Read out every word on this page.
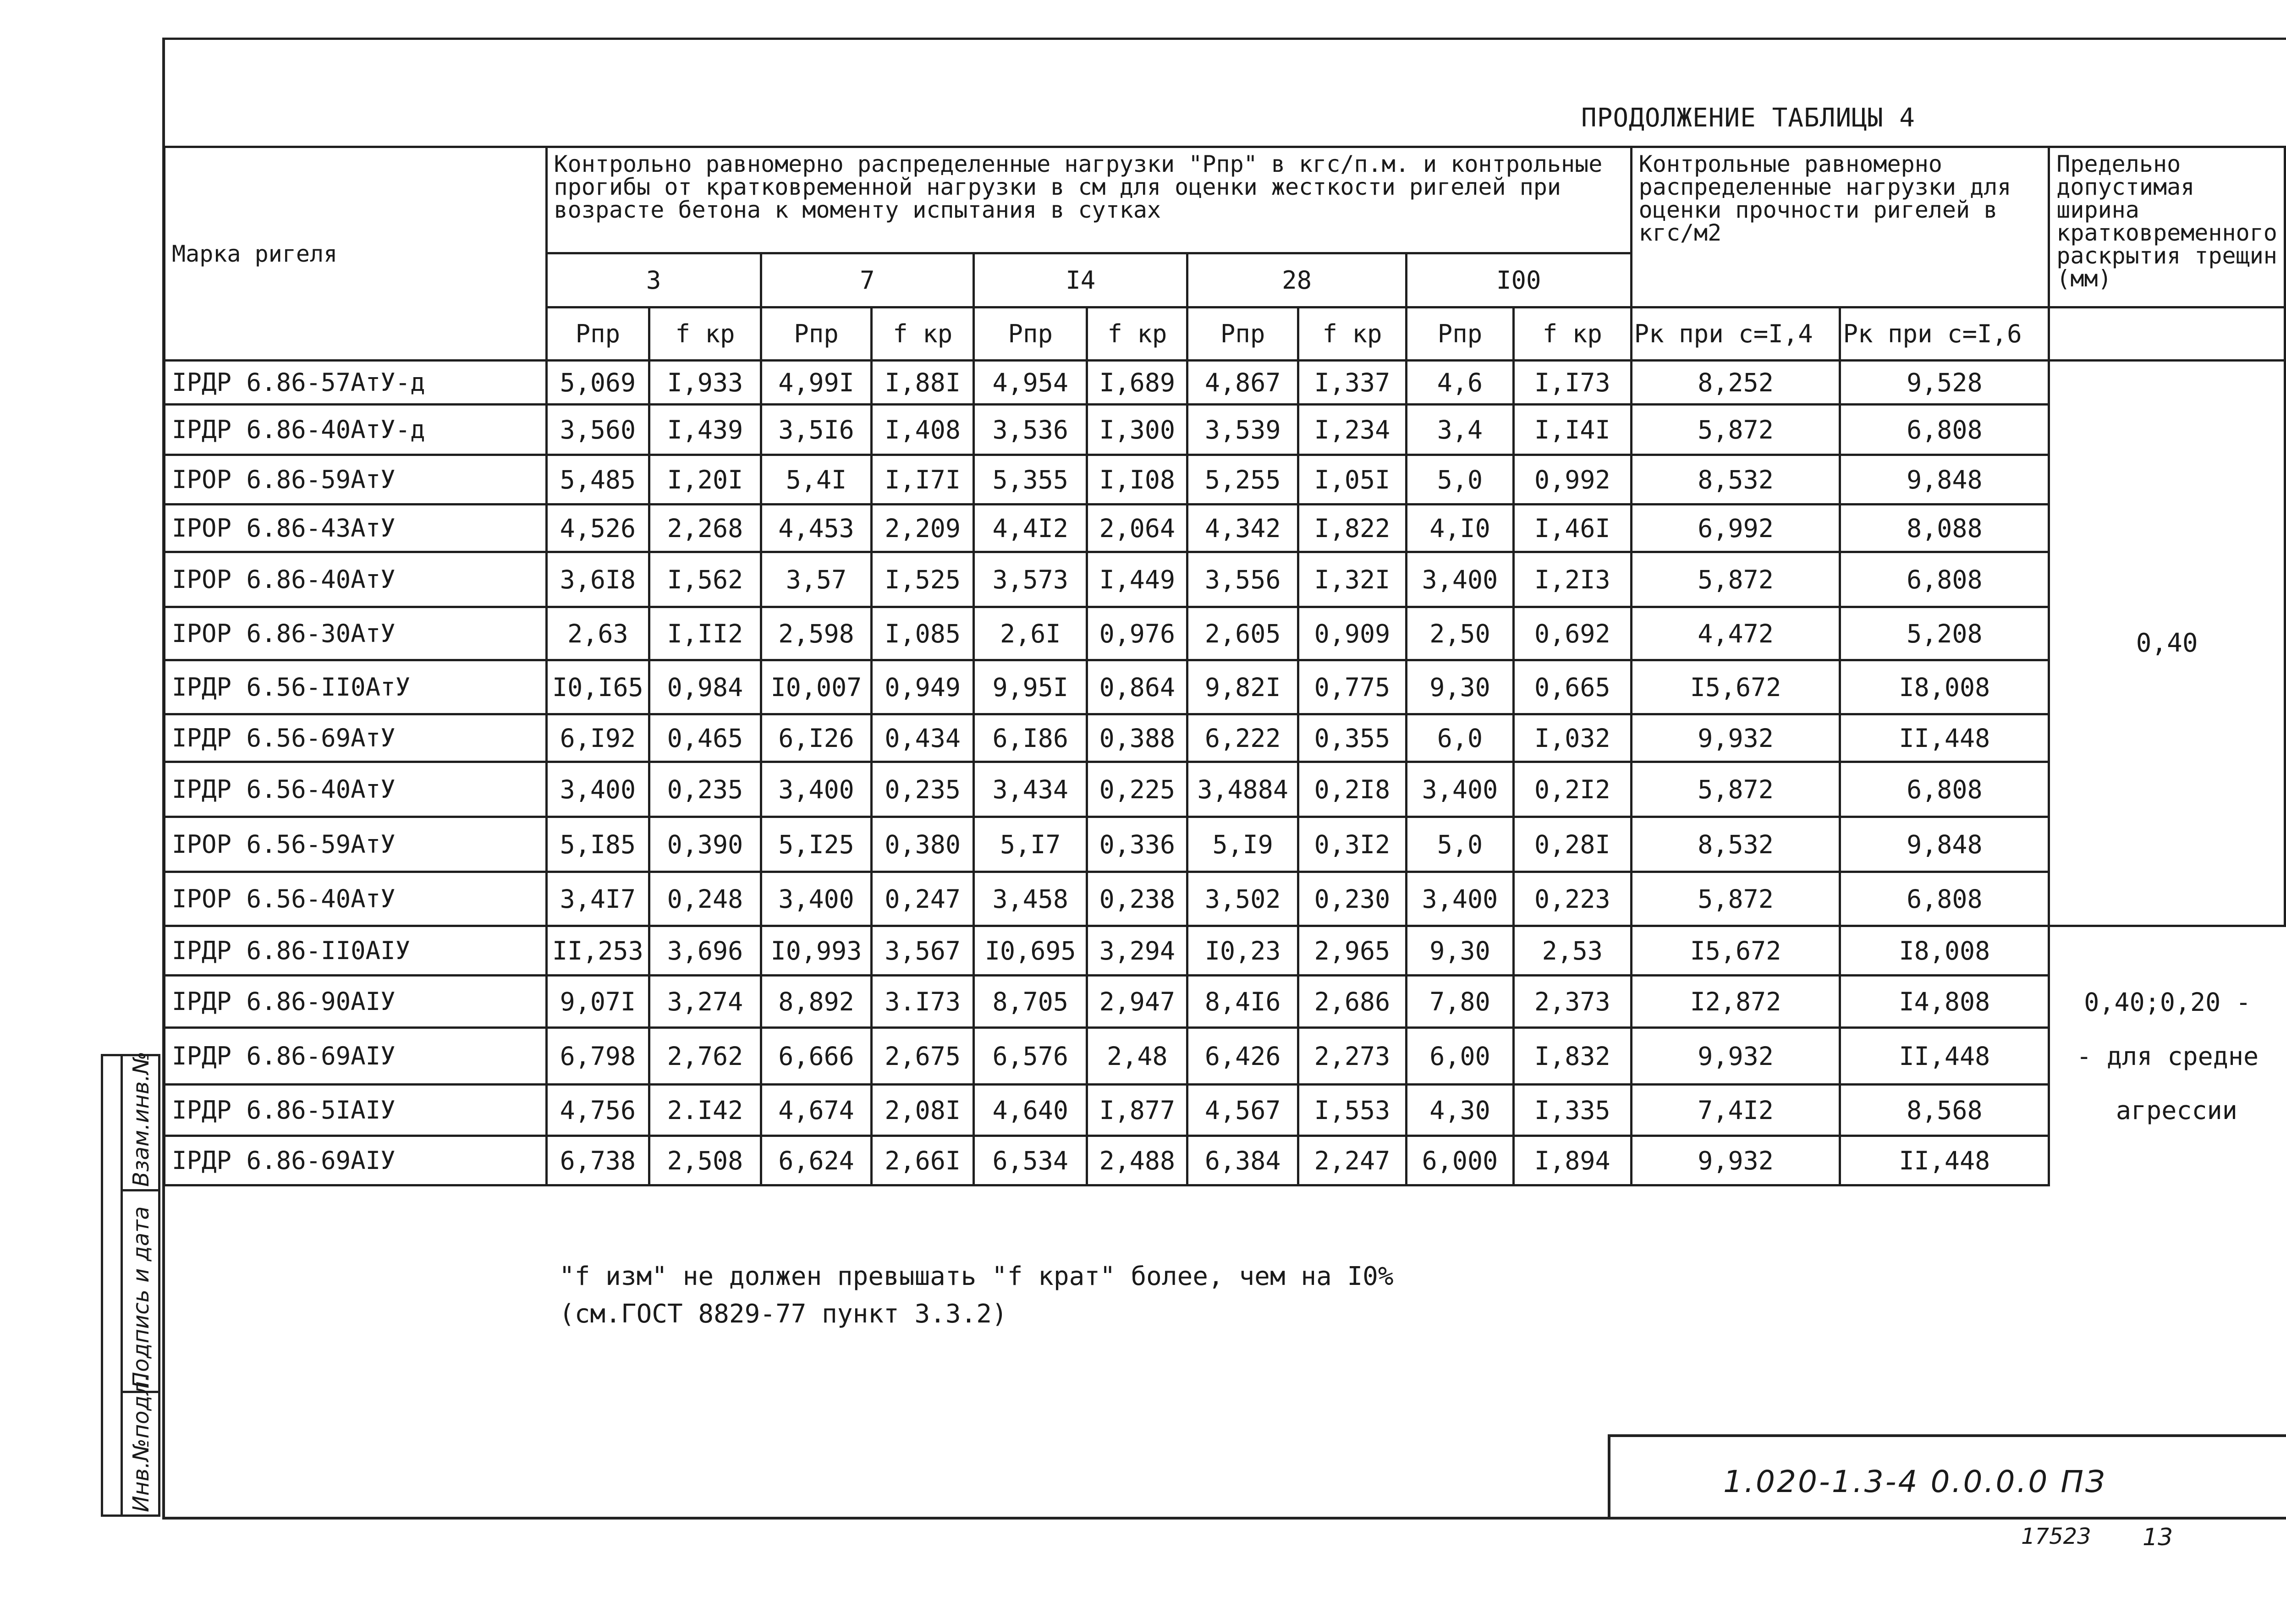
ПРОДОЛЖЕНИЕ ТАБЛИЦЫ 4
Марка ригеля	Контрольно равномерно распределенные нагрузки "Рпр" в кгс/п.м. и контрольные прогибы от кратковременной нагрузки в см для оценки жесткости ригелей при возрасте бетона к моменту испытания в сутках										Контрольные равномерно распределенные нагрузки для оценки прочности ригелей в кгс/м2		Предельно допустимая ширина кратковременного раскрытия трещин (мм)
	3		7		I4		28		I00				
	Рпр	f кр	Рпр	f кр	Рпр	f кр	Рпр	f кр	Рпр	f кр	Рк при с=I,4	Рк при с=I,6	
IРДР 6.86-57АтУ-д	5,069	I,933	4,99I	I,88I	4,954	I,689	4,867	I,337	4,6	I,I73	8,252	9,528	0,40
IРДР 6.86-40АтУ-д	3,560	I,439	3,5I6	I,408	3,536	I,300	3,539	I,234	3,4	I,I4I	5,872	6,808	
IРОР 6.86-59АтУ	5,485	I,20I	5,4I	I,I7I	5,355	I,I08	5,255	I,05I	5,0	0,992	8,532	9,848	
IРОР 6.86-43АтУ	4,526	2,268	4,453	2,209	4,4I2	2,064	4,342	I,822	4,I0	I,46I	6,992	8,088	
IРОР 6.86-40АтУ	3,6I8	I,562	3,57	I,525	3,573	I,449	3,556	I,32I	3,400	I,2I3	5,872	6,808	
IРОР 6.86-30АтУ	2,63	I,II2	2,598	I,085	2,6I	0,976	2,605	0,909	2,50	0,692	4,472	5,208	
IРДР 6.56-II0АтУ	I0,I65	0,984	I0,007	0,949	9,95I	0,864	9,82I	0,775	9,30	0,665	I5,672	I8,008	
IРДР 6.56-69АтУ	6,I92	0,465	6,I26	0,434	6,I86	0,388	6,222	0,355	6,0	I,032	9,932	II,448	
IРДР 6.56-40АтУ	3,400	0,235	3,400	0,235	3,434	0,225	3,4884	0,2I8	3,400	0,2I2	5,872	6,808	
IРОР 6.56-59АтУ	5,I85	0,390	5,I25	0,380	5,I7	0,336	5,I9	0,3I2	5,0	0,28I	8,532	9,848	
IРОР 6.56-40АтУ	3,4I7	0,248	3,400	0,247	3,458	0,238	3,502	0,230	3,400	0,223	5,872	6,808	
IРДР 6.86-II0АIУ	II,253	3,696	I0,993	3,567	I0,695	3,294	I0,23	2,965	9,30	2,53	I5,672	I8,008	0,40;0,20 -
- для средне
агрессии

IРДР 6.86-90АIУ	9,07I	3,274	8,892	3.I73	8,705	2,947	8,4I6	2,686	7,80	2,373	I2,872	I4,808	
IРДР 6.86-69АIУ	6,798	2,762	6,666	2,675	6,576	2,48	6,426	2,273	6,00	I,832	9,932	II,448	
IРДР 6.86-5IАIУ	4,756	2.I42	4,674	2,08I	4,640	I,877	4,567	I,553	4,30	I,335	7,4I2	8,568	
IРДР 6.86-69АIУ	6,738	2,508	6,624	2,66I	6,534	2,488	6,384	2,247	6,000	I,894	9,932	II,448	
"f изм" не должен превышать "f крат" более, чем на I0%
(см.ГОСТ 8829-77 пункт 3.3.2)
1.020-1.3-4 0.0.0.0 ПЗ
17523 13
Инв.№подл.
Подпись и дата
Взам.инв.№
